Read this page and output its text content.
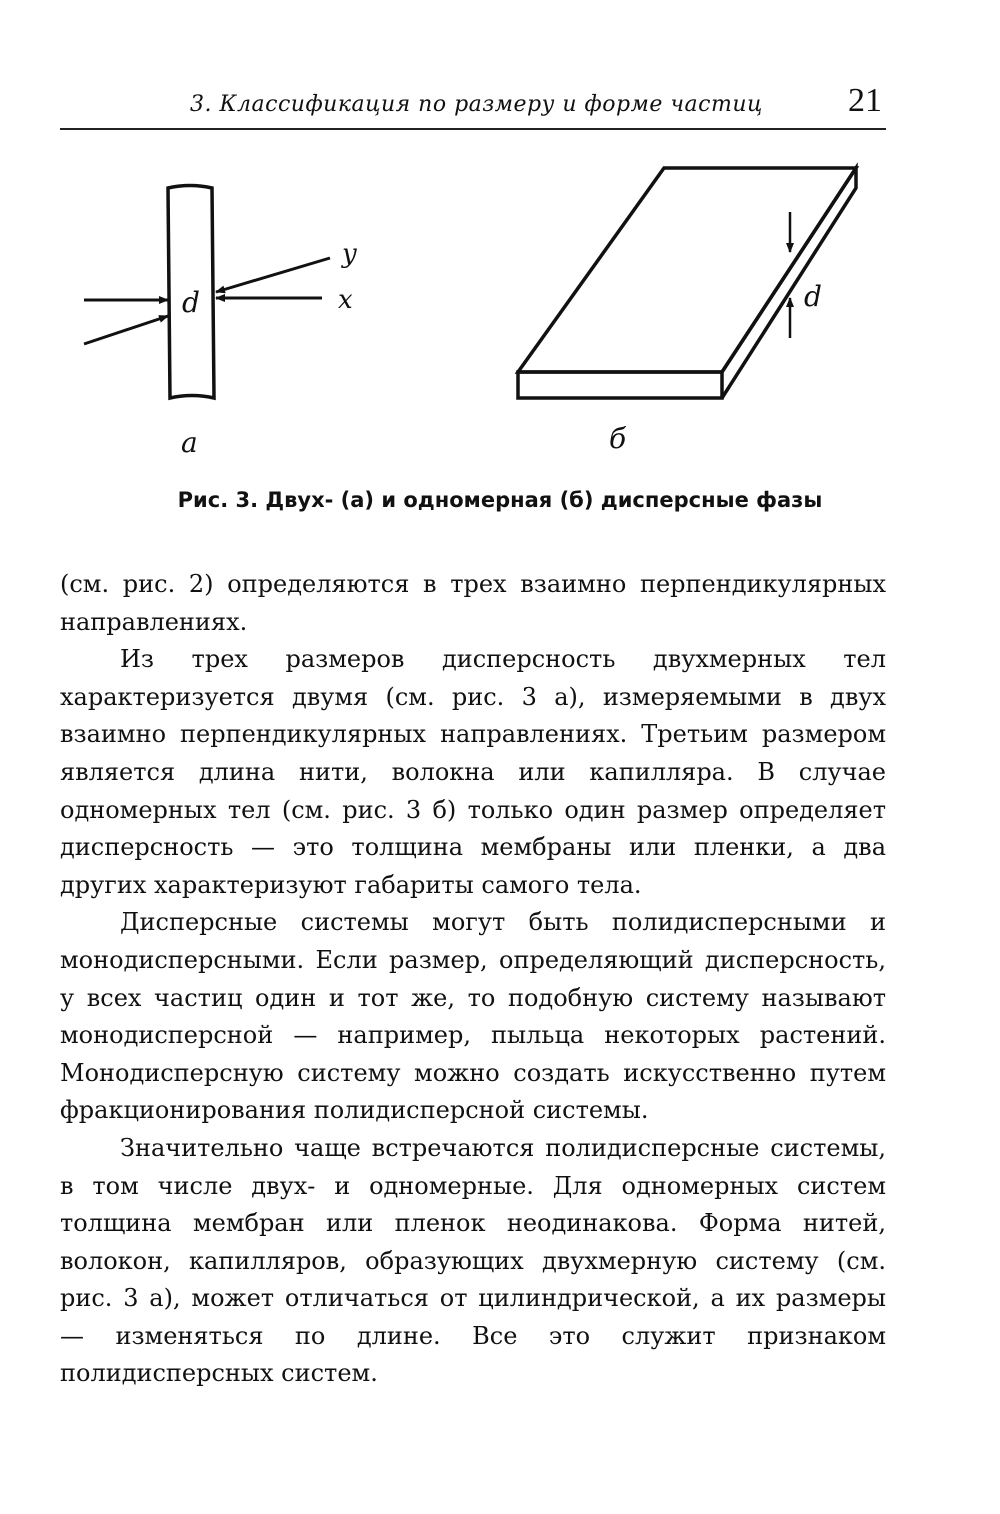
3. Классификация по размеру и форме частиц	21
d
y
x	d
а	б
Рис. 3. Двух- (а) и одномерная (б) дисперсные фазы

(см. рис. 2) определяются в трех взаимно перпендикулярных направлениях.

Из трех размеров дисперсность двухмерных тел характеризуется двумя (см. рис. 3 а), измеряемыми в двух взаимно перпендикулярных направлениях. Третьим размером является длина нити, волокна или капилляра. В случае одномерных тел (см. рис. 3 б) только один размер определяет дисперсность — это толщина мембраны или пленки, а два других характеризуют габариты самого тела.

Дисперсные системы могут быть полидисперсными и монодисперсными. Если размер, определяющий дисперсность, у всех частиц один и тот же, то подобную систему называют монодисперсной — например, пыльца некоторых растений. Монодисперсную систему можно создать искусственно путем фракционирования полидисперсной системы.

Значительно чаще встречаются полидисперсные системы, в том числе двух- и одномерные. Для одномерных систем толщина мембран или пленок неодинакова. Форма нитей, волокон, капилляров, образующих двухмерную систему (см. рис. 3 а), может отличаться от цилиндрической, а их размеры — изменяться по длине. Все это служит признаком полидисперсных систем.
